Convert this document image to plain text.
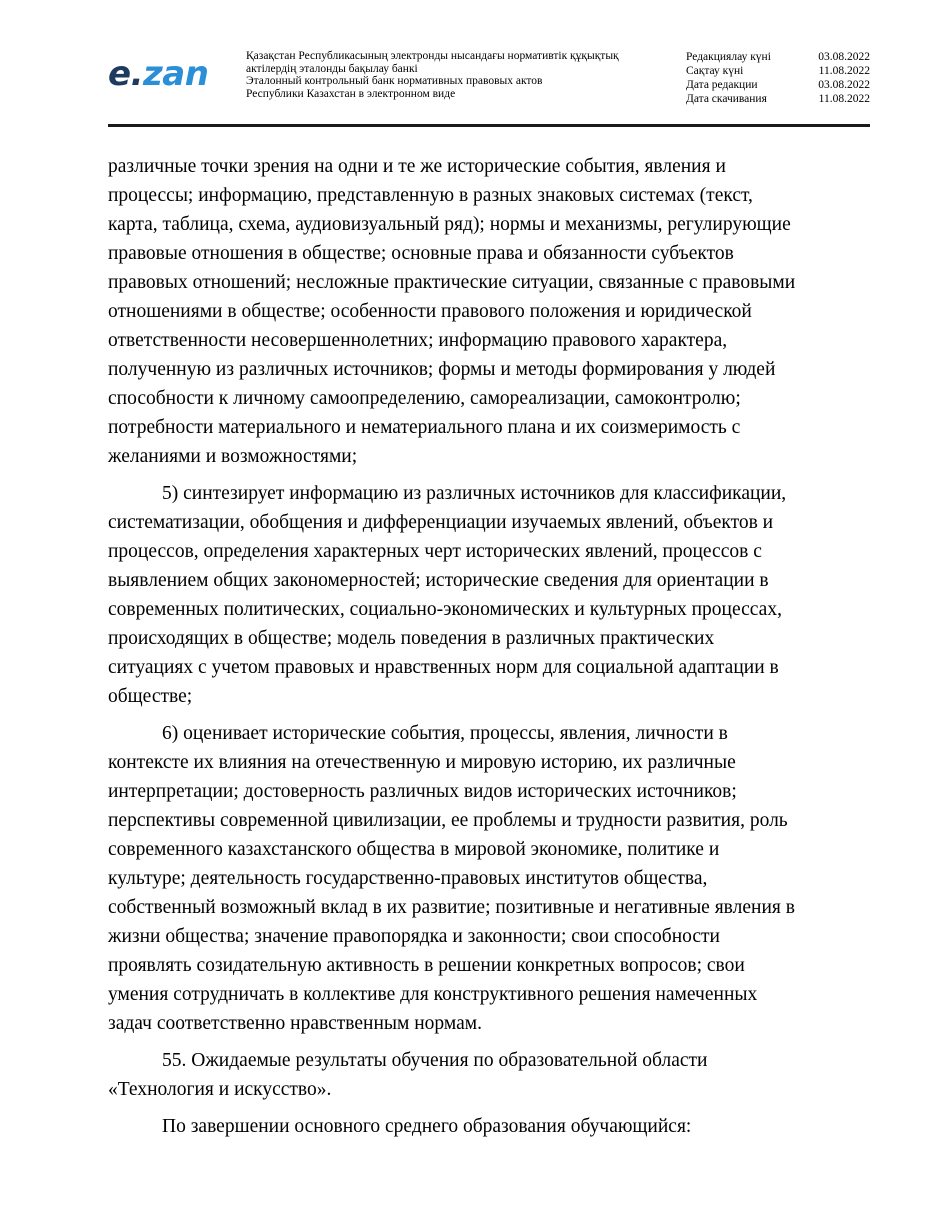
e.zan	Қазақстан Республикасының электронды нысандағы нормативтік құқықтық
актілердің эталонды бақылау банкі
Эталонный контрольный банк нормативных правовых актов
Республики Казахстан в электронном виде
Редакциялау күні	03.08.2022
Сақтау күні	11.08.2022
Дата редакции	03.08.2022
Дата скачивания	11.08.2022

различные точки зрения на одни и те же исторические события, явления и
процессы; информацию, представленную в разных знаковых системах (текст,
карта, таблица, схема, аудиовизуальный ряд); нормы и механизмы, регулирующие
правовые отношения в обществе; основные права и обязанности субъектов
правовых отношений; несложные практические ситуации, связанные с правовыми
отношениями в обществе; особенности правового положения и юридической
ответственности несовершеннолетних; информацию правового характера,
полученную из различных источников; формы и методы формирования у людей
способности к личному самоопределению, самореализации, самоконтролю;
потребности материального и нематериального плана и их соизмеримость с
желаниями и возможностями;

5) синтезирует информацию из различных источников для классификации,
систематизации, обобщения и дифференциации изучаемых явлений, объектов и
процессов, определения характерных черт исторических явлений, процессов с
выявлением общих закономерностей; исторические сведения для ориентации в
современных политических, социально-экономических и культурных процессах,
происходящих в обществе; модель поведения в различных практических
ситуациях с учетом правовых и нравственных норм для социальной адаптации в
обществе;

6) оценивает исторические события, процессы, явления, личности в
контексте их влияния на отечественную и мировую историю, их различные
интерпретации; достоверность различных видов исторических источников;
перспективы современной цивилизации, ее проблемы и трудности развития, роль
современного казахстанского общества в мировой экономике, политике и
культуре; деятельность государственно-правовых институтов общества,
собственный возможный вклад в их развитие; позитивные и негативные явления в
жизни общества; значение правопорядка и законности; свои способности
проявлять созидательную активность в решении конкретных вопросов; свои
умения сотрудничать в коллективе для конструктивного решения намеченных
задач соответственно нравственным нормам.

55. Ожидаемые результаты обучения по образовательной области
«Технология и искусство».

По завершении основного среднего образования обучающийся:
